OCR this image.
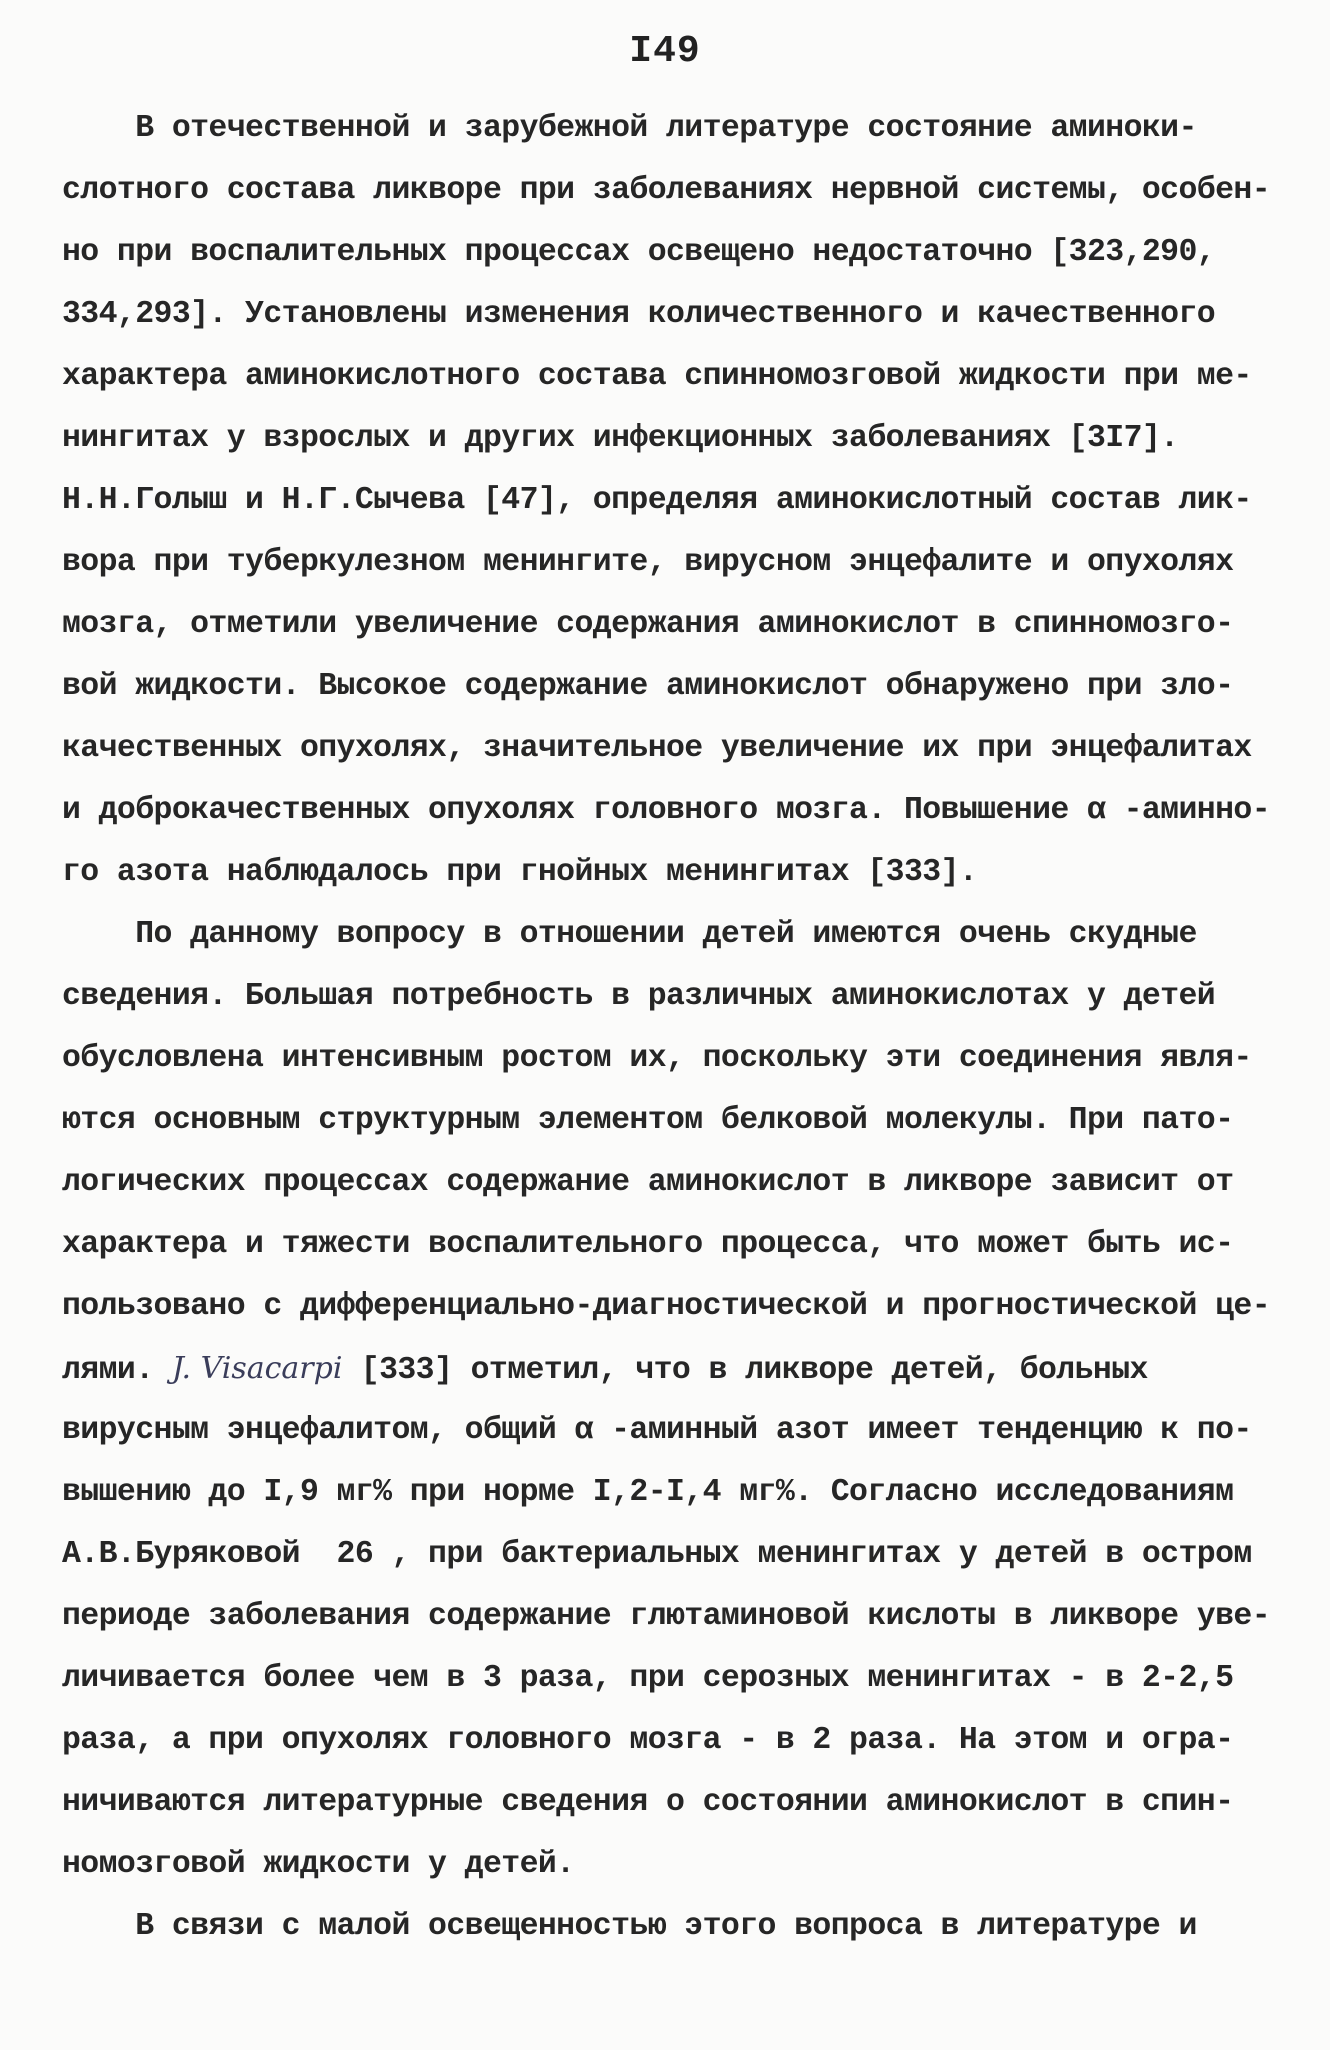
I49
В отечественной и зарубежной литературе состояние аминоки-
слотного состава ликворе при заболеваниях нервной системы, особен-
но при воспалительных процессах освещено недостаточно [323,290,
334,293]. Установлены изменения количественного и качественного
характера аминокислотного состава спинномозговой жидкости при ме-
нингитах у взрослых и других инфекционных заболеваниях [3I7].
Н.Н.Голыш и Н.Г.Сычева [47], определяя аминокислотный состав лик-
вора при туберкулезном менингите, вирусном энцефалите и опухолях
мозга, отметили увеличение содержания аминокислот в спинномозго-
вой жидкости. Высокое содержание аминокислот обнаружено при зло-
качественных опухолях, значительное увеличение их при энцефалитах
и доброкачественных опухолях головного мозга. Повышение α -аминно-
го азота наблюдалось при гнойных менингитах [333].
По данному вопросу в отношении детей имеются очень скудные
сведения. Большая потребность в различных аминокислотах у детей
обусловлена интенсивным ростом их, поскольку эти соединения явля-
ются основным структурным элементом белковой молекулы. При пато-
логических процессах содержание аминокислот в ликворе зависит от
характера и тяжести воспалительного процесса, что может быть ис-
пользовано с дифференциально-диагностической и прогностической це-
лями. J. Visacarpi [333] отметил, что в ликворе детей, больных
вирусным энцефалитом, общий α -аминный азот имеет тенденцию к по-
вышению до I,9 мг% при норме I,2-I,4 мг%. Согласно исследованиям
А.В.Буряковой  26 , при бактериальных менингитах у детей в остром
периоде заболевания содержание глютаминовой кислоты в ликворе уве-
личивается более чем в 3 раза, при серозных менингитах - в 2-2,5
раза, а при опухолях головного мозга - в 2 раза. На этом и огра-
ничиваются литературные сведения о состоянии аминокислот в спин-
номозговой жидкости у детей.
В связи с малой освещенностью этого вопроса в литературе и
